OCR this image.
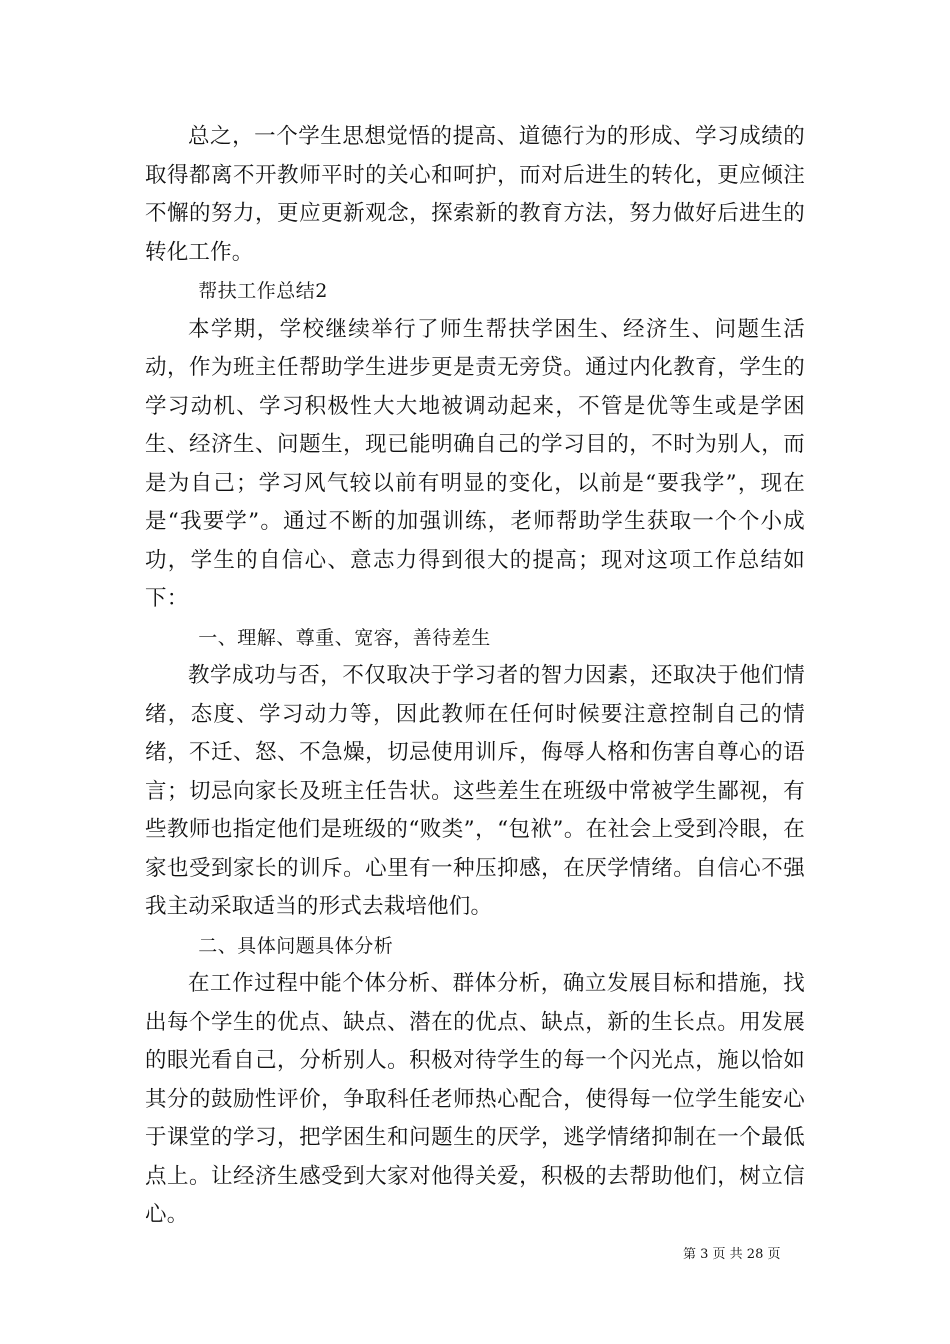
总之，一个学生思想觉悟的提高、道德行为的形成、学习成绩的取得都离不开教师平时的关心和呵护，而对后进生的转化，更应倾注不懈的努力，更应更新观念，探索新的教育方法，努力做好后进生的转化工作。

帮扶工作总结2

本学期，学校继续举行了师生帮扶学困生、经济生、问题生活动，作为班主任帮助学生进步更是责无旁贷。通过内化教育，学生的学习动机、学习积极性大大地被调动起来，不管是优等生或是学困生、经济生、问题生，现已能明确自己的学习目的，不时为别人，而是为自己；学习风气较以前有明显的变化，以前是“要我学”，现在是“我要学”。通过不断的加强训练，老师帮助学生获取一个个小成功，学生的自信心、意志力得到很大的提高；现对这项工作总结如下：

一、理解、尊重、宽容，善待差生

教学成功与否，不仅取决于学习者的智力因素，还取决于他们情绪，态度、学习动力等，因此教师在任何时候要注意控制自己的情绪，不迁、怒、不急燥，切忌使用训斥，侮辱人格和伤害自尊心的语言；切忌向家长及班主任告状。这些差生在班级中常被学生鄙视，有些教师也指定他们是班级的“败类”，“包袱”。在社会上受到冷眼，在家也受到家长的训斥。心里有一种压抑感，在厌学情绪。自信心不强我主动采取适当的形式去栽培他们。

二、具体问题具体分析

在工作过程中能个体分析、群体分析，确立发展目标和措施，找出每个学生的优点、缺点、潜在的优点、缺点，新的生长点。用发展的眼光看自己，分析别人。积极对待学生的每一个闪光点，施以恰如其分的鼓励性评价，争取科任老师热心配合，使得每一位学生能安心于课堂的学习，把学困生和问题生的厌学，逃学情绪抑制在一个最低点上。让经济生感受到大家对他得关爱，积极的去帮助他们，树立信心。

第 3 页 共 28 页
